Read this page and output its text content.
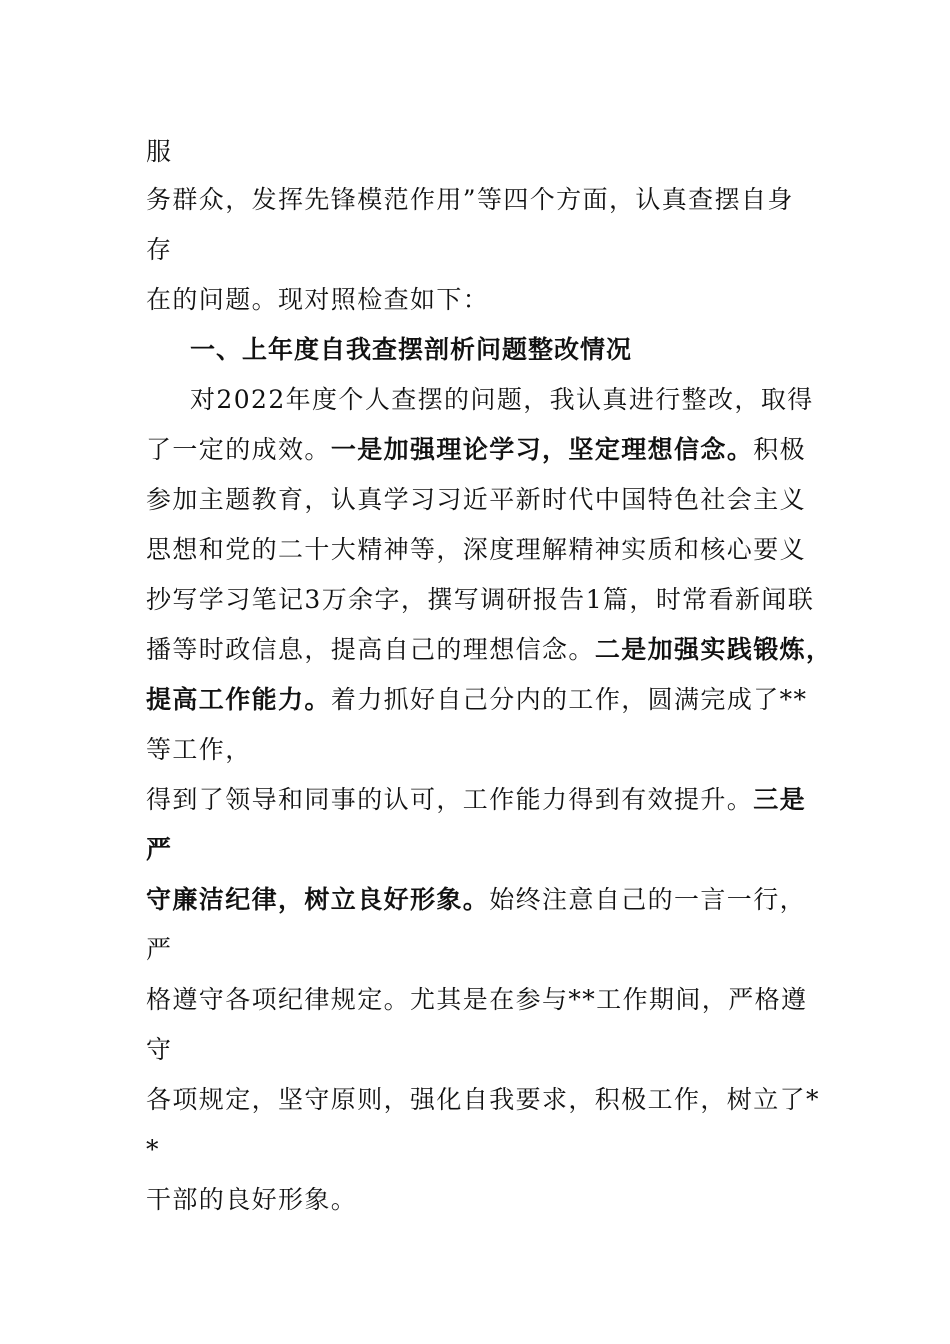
服
务群众，发挥先锋模范作用”等四个方面，认真查摆自身
存
在的问题。现对照检查如下：
一、上年度自我查摆剖析问题整改情况
对2022年度个人查摆的问题，我认真进行整改，取得
了一定的成效。一是加强理论学习，坚定理想信念。积极
参加主题教育，认真学习习近平新时代中国特色社会主义
思想和党的二十大精神等，深度理解精神实质和核心要义
抄写学习笔记3万余字，撰写调研报告1篇，时常看新闻联
播等时政信息，提高自己的理想信念。二是加强实践锻炼，
提高工作能力。着力抓好自己分内的工作，圆满完成了**
等工作，
得到了领导和同事的认可，工作能力得到有效提升。三是
严
守廉洁纪律，树立良好形象。始终注意自己的一言一行，
严
格遵守各项纪律规定。尤其是在参与**工作期间，严格遵
守
各项规定，坚守原则，强化自我要求，积极工作，树立了*
*
干部的良好形象。
